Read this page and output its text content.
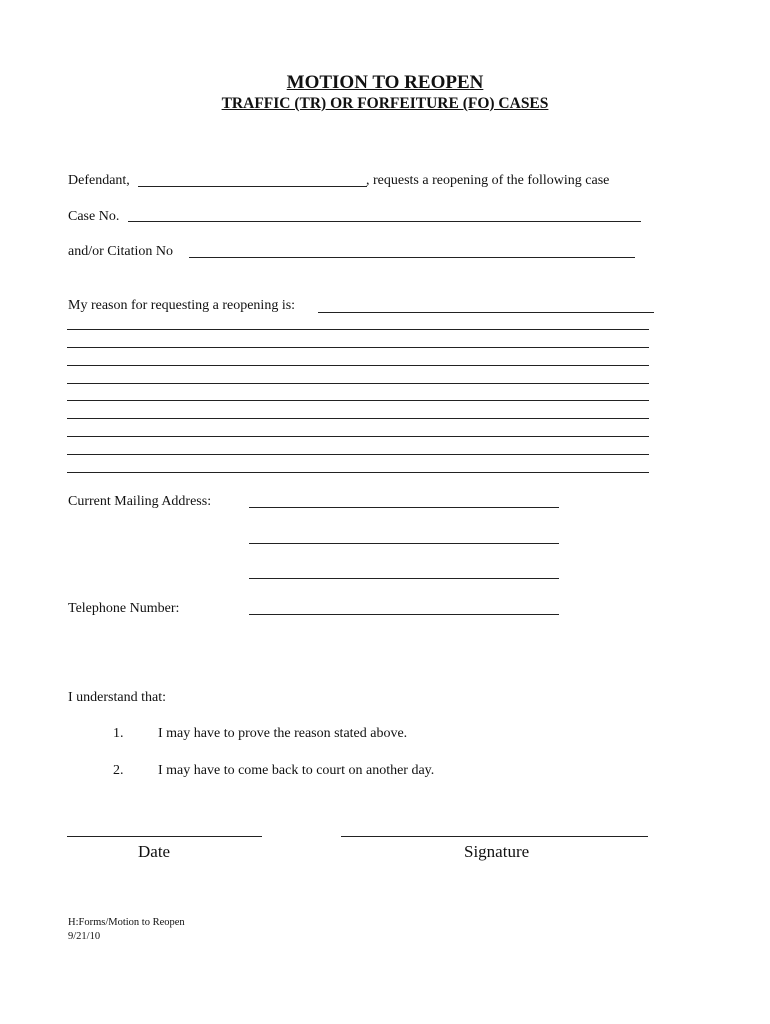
MOTION TO REOPEN
TRAFFIC (TR) OR FORFEITURE (FO) CASES
Defendant,	, requests a reopening of the following case
Case No.
and/or Citation No
My reason for requesting a reopening is:
Current Mailing Address:
Telephone Number:
I understand that:
1. I may have to prove the reason stated above.
2. I may have to come back to court on another day.
Date	Signature
H:Forms/Motion to Reopen
9/21/10
